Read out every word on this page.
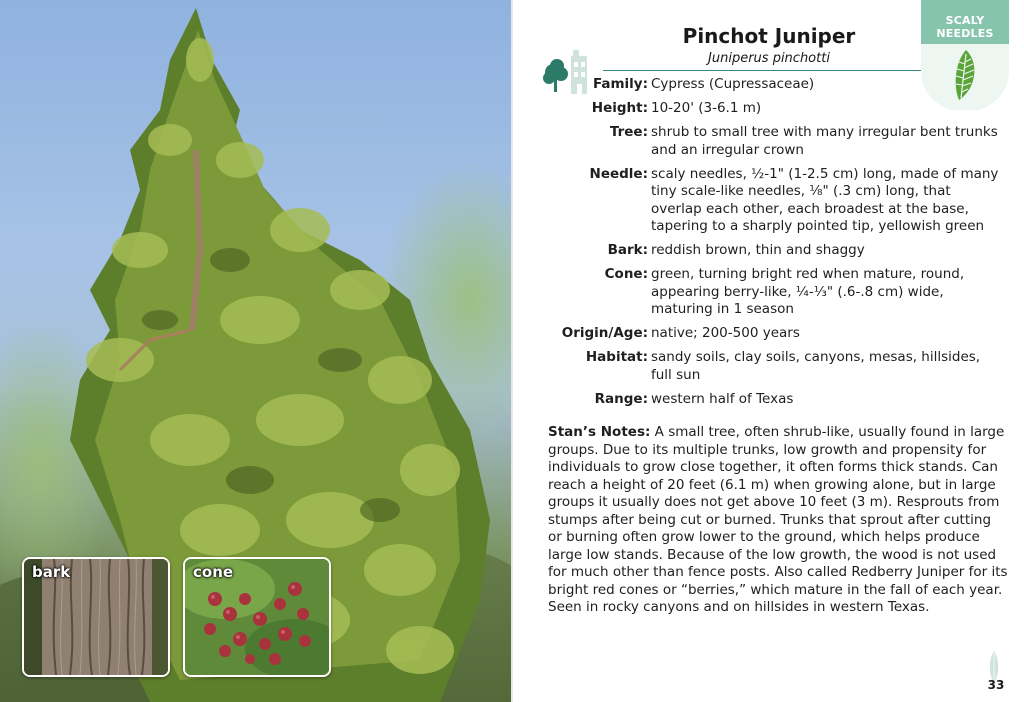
bark	cone
SCALY
NEEDLES
Pinchot Juniper
Juniperus pinchotti
Family: Cypress (Cupressaceae)
Height: 10-20' (3-6.1 m)
Tree: shrub to small tree with many irregular bent trunks
and an irregular crown
Needle: scaly needles, ½-1" (1-2.5 cm) long, made of many
tiny scale-like needles, ⅛" (.3 cm) long, that
overlap each other, each broadest at the base,
tapering to a sharply pointed tip, yellowish green
Bark: reddish brown, thin and shaggy
Cone: green, turning bright red when mature, round,
appearing berry-like, ¼-⅓" (.6-.8 cm) wide,
maturing in 1 season
Origin/Age: native; 200-500 years
Habitat: sandy soils, clay soils, canyons, mesas, hillsides,
full sun
Range: western half of Texas
Stan’s Notes: A small tree, often shrub-like, usually found in large
groups. Due to its multiple trunks, low growth and propensity for
individuals to grow close together, it often forms thick stands. Can
reach a height of 20 feet (6.1 m) when growing alone, but in large
groups it usually does not get above 10 feet (3 m). Resprouts from
stumps after being cut or burned. Trunks that sprout after cutting
or burning often grow lower to the ground, which helps produce
large low stands. Because of the low growth, the wood is not used
for much other than fence posts. Also called Redberry Juniper for its
bright red cones or “berries,” which mature in the fall of each year.
Seen in rocky canyons and on hillsides in western Texas.
33
